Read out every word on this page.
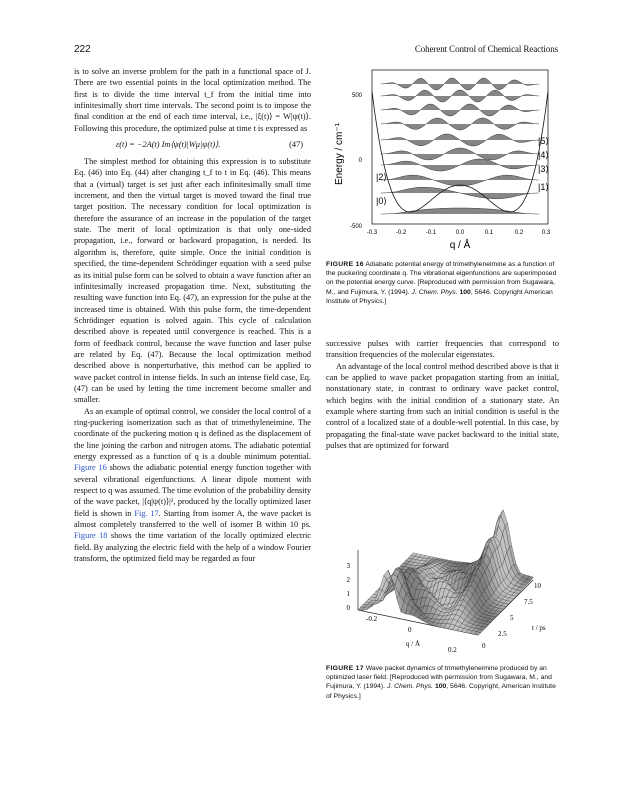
222	Coherent Control of Chemical Reactions

is to solve an inverse problem for the path in a functional space of J. There are two essential points in the local optimization method. The first is to divide the time interval t_f from the initial time into infinitesimally short time intervals. The second point is to impose the final condition at the end of each time interval, i.e., |ξ(t)⟩ = W|ψ(t)⟩. Following this procedure, the optimized pulse at time t is expressed as

ε(t) = −2A(t) Im⟨ψ(t)|Wμ|ψ(t)⟩.	(47)

The simplest method for obtaining this expression is to substitute Eq. (46) into Eq. (44) after changing t_f to t in Eq. (46). This means that a (virtual) target is set just after each infinitesimally small time increment, and then the virtual target is moved toward the final true target position. The necessary condition for local optimization is therefore the assurance of an increase in the population of the target state. The merit of local optimization is that only one-sided propagation, i.e., forward or backward propagation, is needed. Its algorithm is, therefore, quite simple. Once the initial condition is specified, the time-dependent Schrödinger equation with a seed pulse as its initial pulse form can be solved to obtain a wave function after an infinitesimally increased propagation time. Next, substituting the resulting wave function into Eq. (47), an expression for the pulse at the increased time is obtained. With this pulse form, the time-dependent Schrödinger equation is solved again. This cycle of calculation described above is repeated until convergence is reached. This is a form of feedback control, because the wave function and laser pulse are related by Eq. (47). Because the local optimization method described above is nonperturbative, this method can be applied to wave packet control in intense fields. In such an intense field case, Eq. (47) can be used by letting the time increment become smaller and smaller.

As an example of optimal control, we consider the local control of a ring-puckering isomerization such as that of trimethyleneimine. The coordinate of the puckering motion q is defined as the displacement of the line joining the carbon and nitrogen atoms. The adiabatic potential energy expressed as a function of q is a double minimum potential. Figure 16 shows the adiabatic potential energy function together with several vibrational eigenfunctions. A linear dipole moment with respect to q was assumed. The time evolution of the probability density of the wave packet, |⟨q|ψ(t)⟩|², produced by the locally optimized laser field is shown in Fig. 17. Starting from isomer A, the wave packet is almost completely transferred to the well of isomer B within 10 ps. Figure 18 shows the time variation of the locally optimized electric field. By analyzing the electric field with the help of a window Fourier transform, the optimized field may be regarded as four

Energy / cm⁻¹
500
0
-500
-0.3	-0.2	-0.1	0.0	0.1	0.2	0.3
q / Å
|5⟩
|4⟩
|3⟩
|2⟩
|1⟩
|0⟩
FIGURE 16 Adiabatic potential energy of trimethyleneimine as a function of the puckering coordinate q. The vibrational eigenfunctions are superimposed on the potential energy curve. [Reproduced with permission from Sugawara, M., and Fujimura, Y. (1994). J. Chem. Phys. 100, 5646. Copyright American Institute of Physics.]

successive pulses with carrier frequencies that correspond to transition frequencies of the molecular eigenstates.

An advantage of the local control method described above is that it can be applied to wave packet propagation starting from an initial, nonstationary state, in contrast to ordinary wave packet control, which begins with the initial condition of a stationary state. An example where starting from such an initial condition is useful is the control of a localized state of a double-well potential. In this case, by propagating the final-state wave packet backward to the initial state, pulses that are optimized for forward

3
2
1
0
-0.2
0
0.2
q / Å
10
7.5
5
2.5
0
t / ps
FIGURE 17 Wave packet dynamics of trimethyleneimine produced by an optimized laser field. [Reproduced with permission from Sugawara, M., and Fujimura, Y. (1994). J. Chem. Phys. 100, 5646. Copyright, American Institute of Physics.]
